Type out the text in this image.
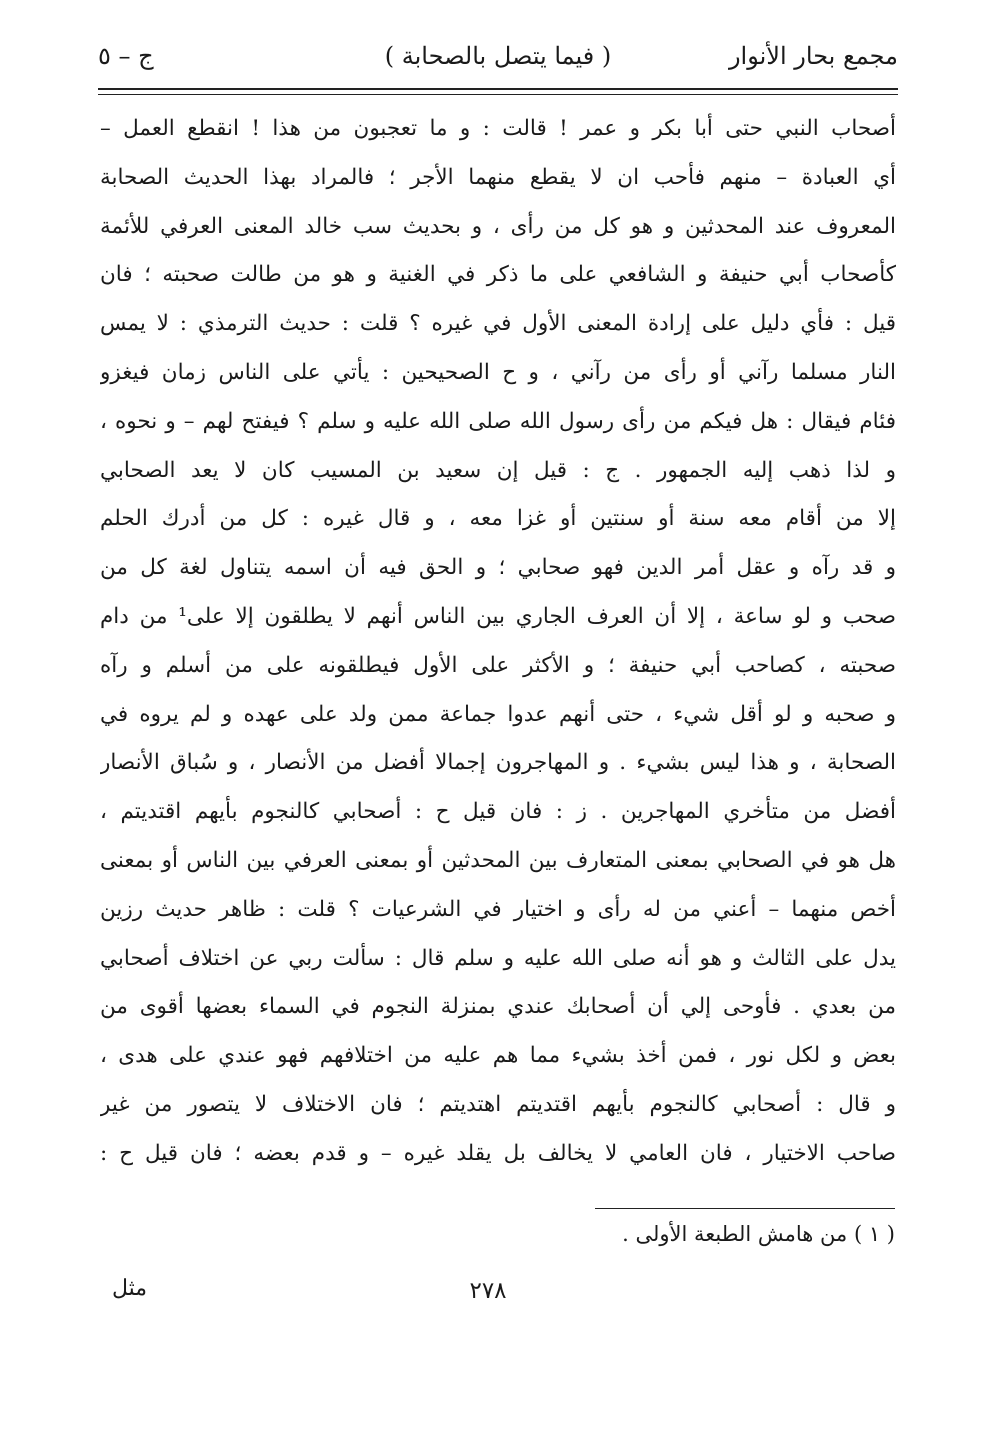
مجمع بحار الأنوار
( فيما يتصل بالصحابة )
ج – ٥
أصحاب النبي حتى أبا بكر و عمر ! قالت : و ما تعجبون من هذا ! انقطع العمل –
أي العبادة – منهم فأحب ان لا يقطع منهما الأجر ؛ فالمراد بهذا الحديث الصحابة
المعروف عند المحدثين و هو كل من رأى ، و بحديث سب خالد المعنى العرفي للأئمة
كأصحاب أبي حنيفة و الشافعي على ما ذكر في الغنية و هو من طالت صحبته ؛ فان
قيل : فأي دليل على إرادة المعنى الأول في غيره ؟ قلت : حديث الترمذي : لا يمس
النار مسلما رآني أو رأى من رآني ، و ح الصحيحين : يأتي على الناس زمان فيغزو
فئام فيقال : هل فيكم من رأى رسول الله صلى الله عليه و سلم ؟ فيفتح لهم – و نحوه ،
و لذا ذهب إليه الجمهور . ج : قيل إن سعيد بن المسيب كان لا يعد الصحابي
إلا من أقام معه سنة أو سنتين أو غزا معه ، و قال غيره : كل من أدرك الحلم
و قد رآه و عقل أمر الدين فهو صحابي ؛ و الحق فيه أن اسمه يتناول لغة كل من
صحب و لو ساعة ، إلا أن العرف الجاري بين الناس أنهم لا يطلقون إلا على¹ من دام
صحبته ، كصاحب أبي حنيفة ؛ و الأكثر على الأول فيطلقونه على من أسلم و رآه
و صحبه و لو أقل شيء ، حتى أنهم عدوا جماعة ممن ولد على عهده و لم يروه في
الصحابة ، و هذا ليس بشيء . و المهاجرون إجمالا أفضل من الأنصار ، و سُباق الأنصار
أفضل من متأخري المهاجرين . ز : فان قيل ح : أصحابي كالنجوم بأيهم اقتديتم ،
هل هو في الصحابي بمعنى المتعارف بين المحدثين أو بمعنى العرفي بين الناس أو بمعنى
أخص منهما – أعني من له رأى و اختيار في الشرعيات ؟ قلت : ظاهر حديث رزين
يدل على الثالث و هو أنه صلى الله عليه و سلم قال : سألت ربي عن اختلاف أصحابي
من بعدي . فأوحى إلي أن أصحابك عندي بمنزلة النجوم في السماء بعضها أقوى من
بعض و لكل نور ، فمن أخذ بشيء مما هم عليه من اختلافهم فهو عندي على هدى ،
و قال : أصحابي كالنجوم بأيهم اقتديتم اهتديتم ؛ فان الاختلاف لا يتصور من غير
صاحب الاختيار ، فان العامي لا يخالف بل يقلد غيره – و قدم بعضه ؛ فان قيل ح :
( ١ ) من هامش الطبعة الأولى .
٢٧٨
مثل
